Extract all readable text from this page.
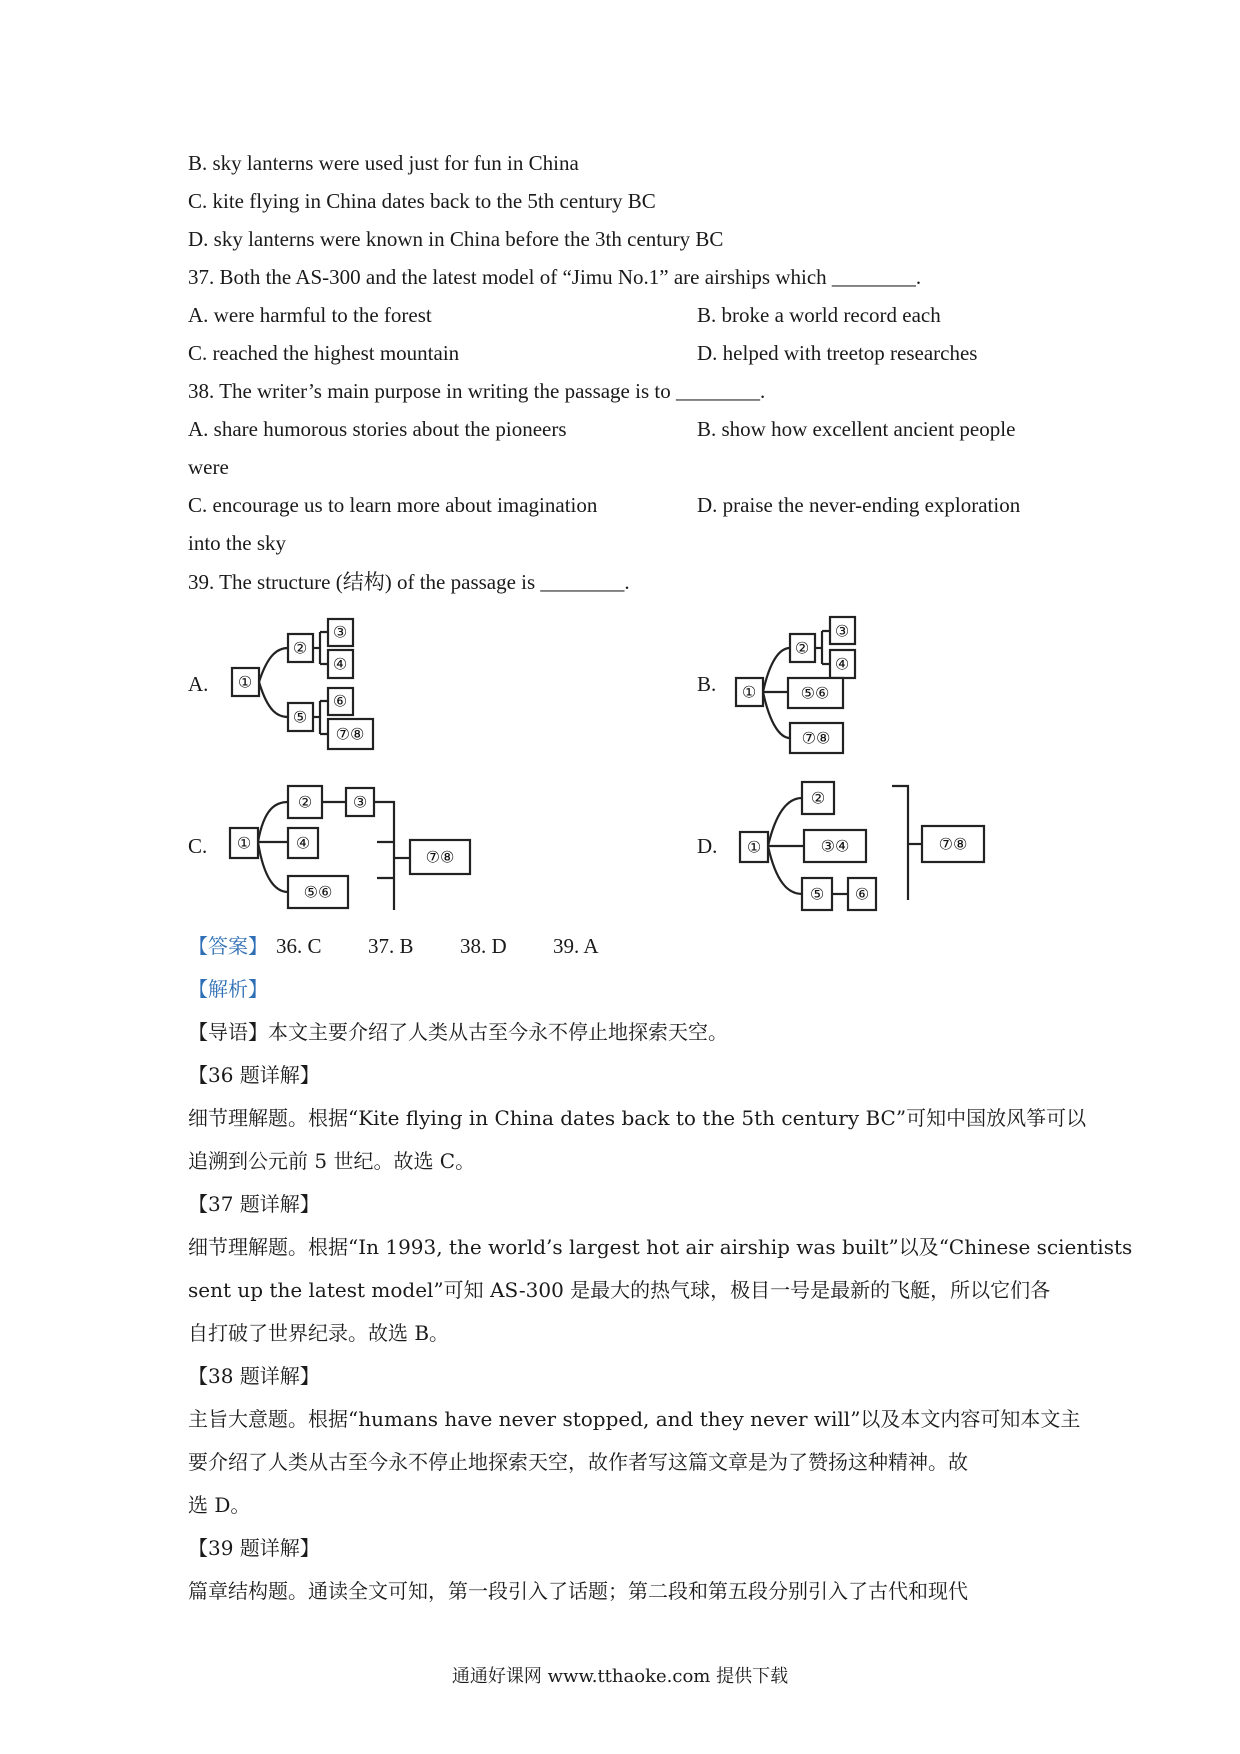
B. sky lanterns were used just for fun in China
C. kite flying in China dates back to the 5th century BC
D. sky lanterns were known in China before the 3th century BC
37. Both the AS-300 and the latest model of “Jimu No.1” are airships which ________.
A. were harmful to the forest	B. broke a world record each
C. reached the highest mountain	D. helped with treetop researches
38. The writer’s main purpose in writing the passage is to ________.
A. share humorous stories about the pioneers	B. show how excellent ancient people
were
C. encourage us to learn more about imagination	D. praise the never-ending exploration
into the sky
39. The structure (结构) of the passage is ________.
A.	B.
C.	D.
①
②
③
④
⑤
⑥
⑦⑧
①
②
③
④
⑤⑥
⑦⑧
①
②	③
④
⑤⑥
⑦⑧
①
②
③④
⑤ ⑥
⑦⑧
【答案】 36. C 37. B 38. D 39. A
【解析】
【导语】本文主要介绍了人类从古至今永不停止地探索天空。
【36 题详解】
细节理解题。根据“Kite flying in China dates back to the 5th century BC”可知中国放风筝可以
追溯到公元前 5 世纪。故选 C。
【37 题详解】
细节理解题。根据“In 1993, the world’s largest hot air airship was built”以及“Chinese scientists
sent up the latest model”可知 AS-300 是最大的热气球，极目一号是最新的飞艇，所以它们各
自打破了世界纪录。故选 B。
【38 题详解】
主旨大意题。根据“humans have never stopped, and they never will”以及本文内容可知本文主
要介绍了人类从古至今永不停止地探索天空，故作者写这篇文章是为了赞扬这种精神。故
选 D。
【39 题详解】
篇章结构题。通读全文可知，第一段引入了话题；第二段和第五段分别引入了古代和现代
通通好课网 www.tthaoke.com 提供下载
